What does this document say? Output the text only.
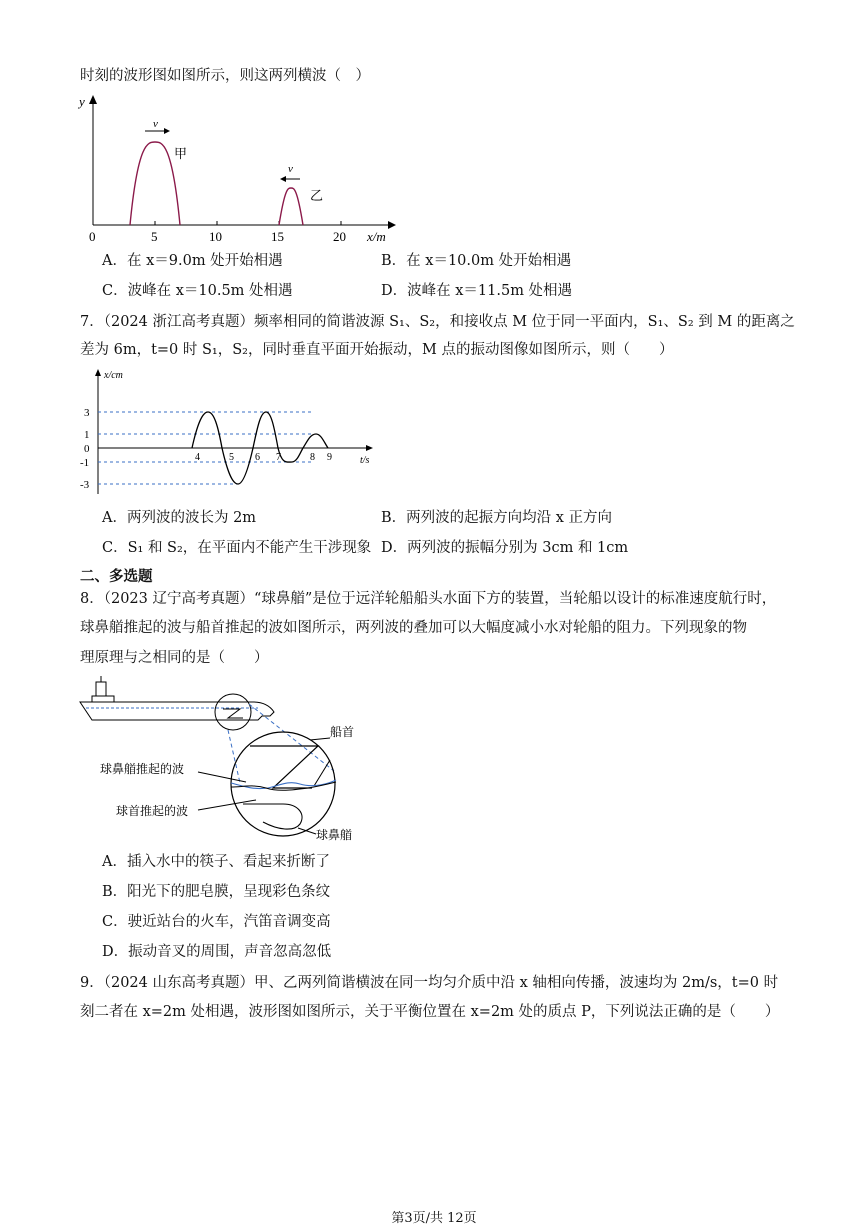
时刻的波形图如图所示，则这两列横波（　）
y
x/m
0	5	10	15	20
v
甲
v
乙
A．在 x＝9.0m 处开始相遇	B．在 x＝10.0m 处开始相遇
C．波峰在 x＝10.5m 处相遇	D．波峰在 x＝11.5m 处相遇
7．（2024 浙江高考真题）频率相同的简谐波源 S₁、S₂，和接收点 M 位于同一平面内，S₁、S₂ 到 M 的距离之
差为 6m，t=0 时 S₁，S₂，同时垂直平面开始振动，M 点的振动图像如图所示，则（　　）
x/cm
t/s
3
1
0
-1
-3
4	5 6 7	8 9
A．两列波的波长为 2m	B．两列波的起振方向均沿 x 正方向
C．S₁ 和 S₂，在平面内不能产生干涉现象 D．两列波的振幅分别为 3cm 和 1cm
二、多选题
8．（2023 辽宁高考真题）“球鼻艏”是位于远洋轮船船头水面下方的装置，当轮船以设计的标准速度航行时，
球鼻艏推起的波与船首推起的波如图所示，两列波的叠加可以大幅度减小水对轮船的阻力。下列现象的物
理原理与之相同的是（　　）
船首
球鼻艏推起的波
球首推起的波
球鼻艏
A．插入水中的筷子、看起来折断了
B．阳光下的肥皂膜，呈现彩色条纹
C．驶近站台的火车，汽笛音调变高
D．振动音叉的周围，声音忽高忽低
9．（2024 山东高考真题）甲、乙两列简谐横波在同一均匀介质中沿 x 轴相向传播，波速均为 2m/s，t=0 时
刻二者在 x=2m 处相遇，波形图如图所示，关于平衡位置在 x=2m 处的质点 P，下列说法正确的是（　　）
第3页/共 12页
